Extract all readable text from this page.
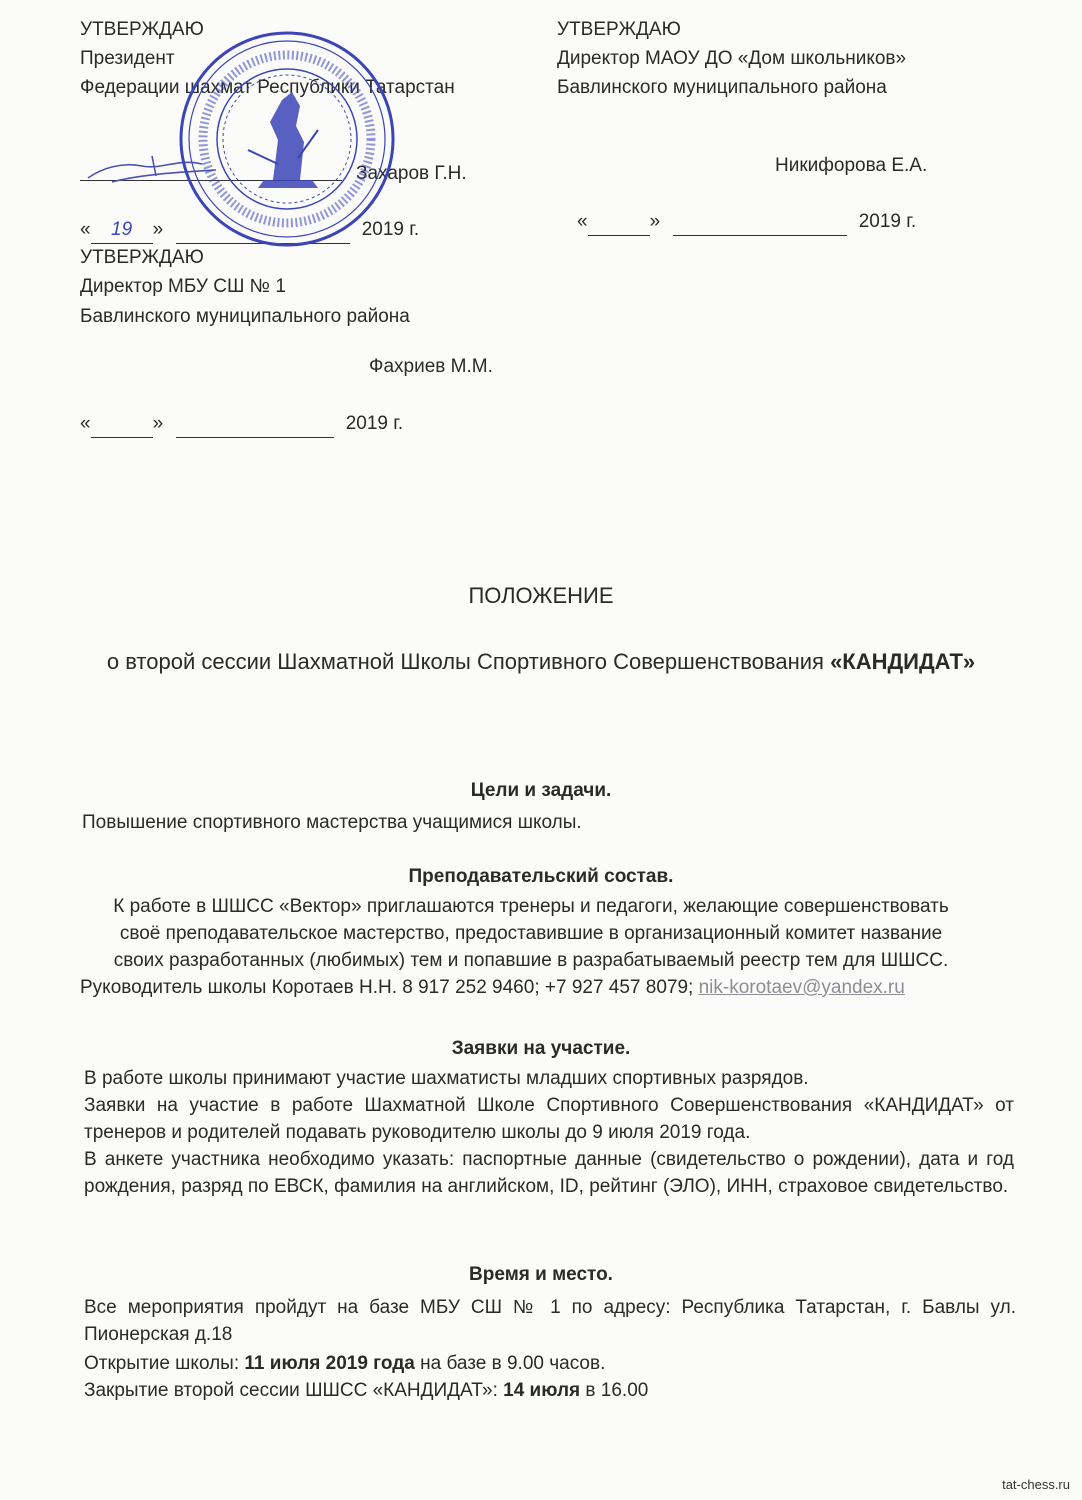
УТВЕРЖДАЮ
Президент
Федерации шахмат Республики Татарстан
Захаров Г.Н.
« 19 »	2019 г.
УТВЕРЖДАЮ
Директор МАОУ ДО «Дом школьников»
Бавлинского муниципального района
Никифорова Е.А.
«	»	2019 г.
УТВЕРЖДАЮ
Директор МБУ СШ № 1
Бавлинского муниципального района
Фахриев М.М.
«	»	2019 г.
ПОЛОЖЕНИЕ
о второй сессии Шахматной Школы Спортивного Совершенствования «КАНДИДАТ»
Цели и задачи.
Повышение спортивного мастерства учащимися школы.
Преподавательский состав.
К работе в ШШСС «Вектор» приглашаются тренеры и педагоги, желающие совершенствовать
своё преподавательское мастерство, предоставившие в организационный комитет название
своих разработанных (любимых) тем и попавшие в разрабатываемый реестр тем для ШШСС.
Руководитель школы Коротаев Н.Н. 8 917 252 9460; +7 927 457 8079; nik-korotaev@yandex.ru
Заявки на участие.
В работе школы принимают участие шахматисты младших спортивных разрядов.
Заявки на участие в работе Шахматной Школе Спортивного Совершенствования «КАНДИДАТ» от тренеров и родителей подавать руководителю школы до 9 июля 2019 года.
В анкете участника необходимо указать: паспортные данные (свидетельство о рождении), дата и год рождения, разряд по ЕВСК, фамилия на английском, ID, рейтинг (ЭЛО), ИНН, страховое свидетельство.
Время и место.
Все мероприятия пройдут на базе МБУ СШ № 1 по адресу: Республика Татарстан, г. Бавлы ул. Пионерская д.18
Открытие школы: 11 июля 2019 года на базе в 9.00 часов.
Закрытие второй сессии ШШСС «КАНДИДАТ»: 14 июля в 16.00
tat-chess.ru
